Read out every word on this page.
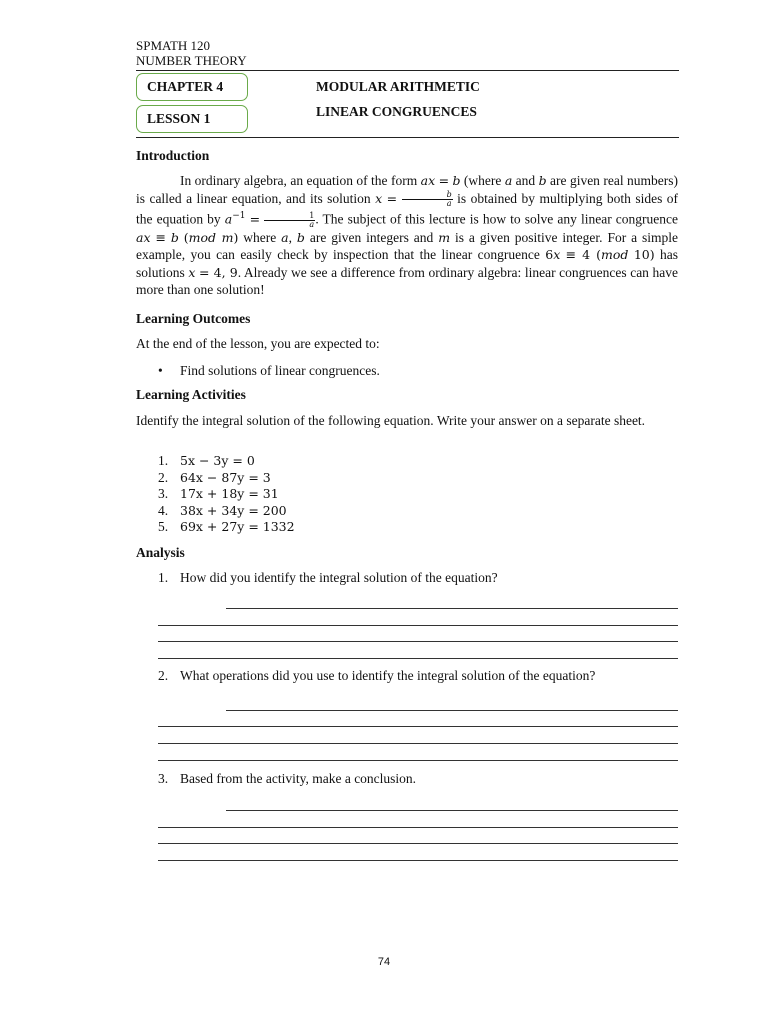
SPMATH 120
NUMBER THEORY
CHAPTER 4
LESSON 1
MODULAR ARITHMETIC
LINEAR CONGRUENCES
Introduction
In ordinary algebra, an equation of the form ax = b (where a and b are given real numbers) is called a linear equation, and its solution $x = \frac{b}{a}$ is obtained by multiplying both sides of the equation by $a^{-1} = \frac{1}{a}$ . The subject of this lecture is how to solve any linear congruence ax ≡ b (mod m) where a, b are given integers and m is a given positive integer. For a simple example, you can easily check by inspection that the linear congruence 6x ≡ 4 (mod 10) has solutions x = 4, 9. Already we see a difference from ordinary algebra: linear congruences can have more than one solution!
Learning Outcomes
At the end of the lesson, you are expected to:
•	Find solutions of linear congruences.
Learning Activities
Identify the integral solution of the following equation. Write your answer on a separate sheet.
1. 5x − 3y = 0
2. 64x − 87y = 3
3. 17x + 18y = 31
4. 38x + 34y = 200
5. 69x + 27y = 1332
Analysis
1. How did you identify the integral solution of the equation?
2. What operations did you use to identify the integral solution of the equation?
3. Based from the activity, make a conclusion.
74
